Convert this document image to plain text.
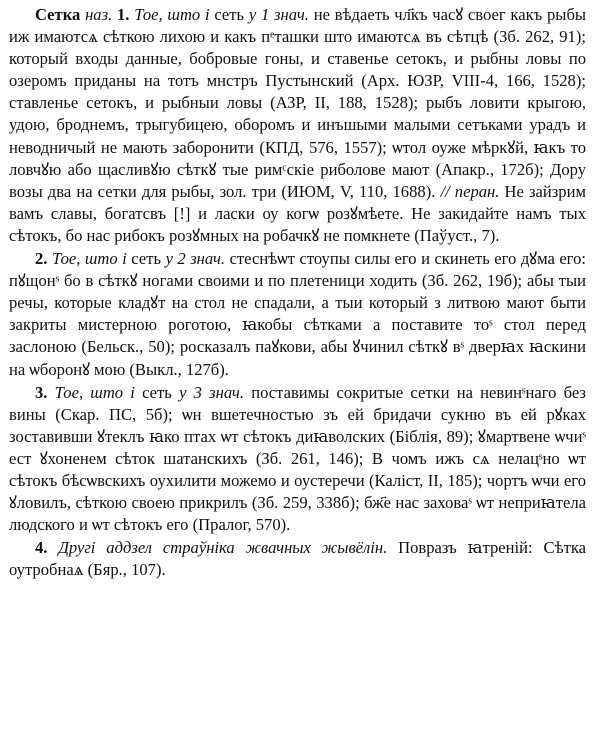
Сетка наз. 1. Тое, што і сеть у 1 знач. не вѣдаеть чл҃къ часꙋ своег какъ рыбы иж имаютсѧ сѣткою лихою и какъ пᵉташки што имаютсѧ въ сѣтцѣ (Зб. 262, 91); который входы данные, бобровые гоны, и ставенье сетокъ, и рыбны ловы по озеромъ приданы на тотъ мнстръ Пустынский (Арх. ЮЗР, VIII-4, 166, 1528); ставленье сетокъ, и рыбныи ловы (АЗР, II, 188, 1528); рыбъ ловити крыгою, удою, броднемъ, трыгубицею, оборомъ и инъшыми малыми сетъками урадъ и неводничый не мають заборонити (КПД, 576, 1557); ѡтол оуже мѣркꙋй, ꙗкъ то ловчꙋю або щасливꙋю сѣткꙋ тые римᶜскіе риболове маюᴛ (Апакр., 172б); Дору возы два на сетки для рыбы, зол. три (ИЮМ, V, 110, 1688). // перан. Не зайзрим вамъ славы, богатсвъ [!] и ласки оу когѡ розꙋмѣете. Не закидайте намъ тых сѣтокъ, бо нас рибокъ розꙋмных на робачкꙋ не помкнете (Паўуст., 7).

2. Тое, што і сеть у 2 знач. стеснѣѡт стоупы силы его и скинеть его дꙋма его: пꙋщонˢ бо в сѣткꙋ ногами своими и по плетеници ходить (Зб. 262, 19б); абы тыи речы, которые кладꙋт на стол не спадали, а тыи который з литвою маюᴛ быти закриты мистерною роготою, ꙗкобы сѣтками а поставите тоˢ стол перед заслоною (Бельск., 50); росказалъ паꙋкови, абы ꙋчинил сѣткꙋ вˢ дверꙗх ꙗскини на ѡборонꙋ мою (Выкл., 127б).

3. Тое, што і сеть у 3 знач. поставимы сокритые сетки на невинˢнаго без вины (Скар. ПС, 5б); ѡн вшетечностью зъ ей бридачи сукню въ ей рꙋках зоставивши ꙋтеклъ ꙗко птах ѡт сѣтокъ диꙗволских (Біблія, 89); ꙋмартвене ѡчиˢ ест ꙋхоненем сѣток шатанскихъ (Зб. 261, 146); В чомъ ижъ сѧ нелацˢно ѡт сѣтокъ бѣсѡвскихъ оухилити можемо и оустеречи (Каліст, II, 185); чортъ ѡчи его ꙋловилъ, сѣткою своею прикрилъ (Зб. 259, 338б); бж҃е нас заховаˢ ѡт неприꙗтела людского и ѡт сѣтокъ его (Пралог, 570).

4. Другі аддзел страўніка жвачных жывёлін. Повразъ ꙗтреній: Сѣтка оутробнаѧ (Бяр., 107).
